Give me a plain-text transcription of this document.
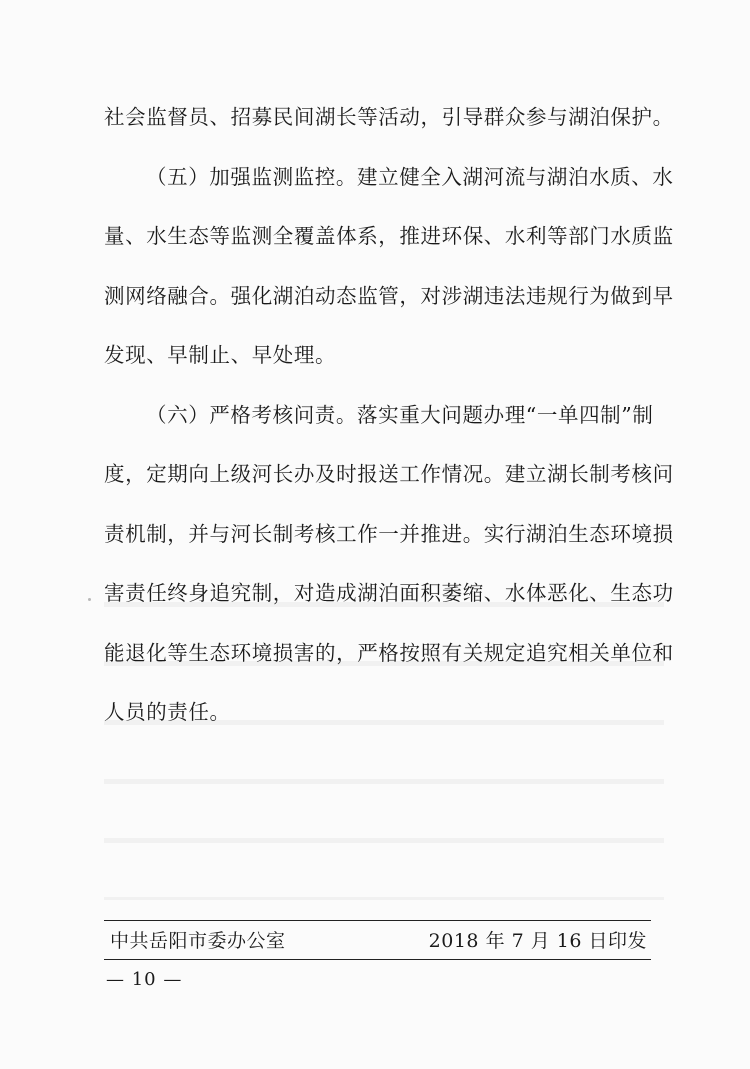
社会监督员、招募民间湖长等活动，引导群众参与湖泊保护。
（五）加强监测监控。建立健全入湖河流与湖泊水质、水
量、水生态等监测全覆盖体系，推进环保、水利等部门水质监
测网络融合。强化湖泊动态监管，对涉湖违法违规行为做到早
发现、早制止、早处理。
（六）严格考核问责。落实重大问题办理“一单四制”制
度，定期向上级河长办及时报送工作情况。建立湖长制考核问
责机制，并与河长制考核工作一并推进。实行湖泊生态环境损
害责任终身追究制，对造成湖泊面积萎缩、水体恶化、生态功
能退化等生态环境损害的，严格按照有关规定追究相关单位和
人员的责任。
中共岳阳市委办公室	2018 年 7 月 16 日印发
— 10 —
